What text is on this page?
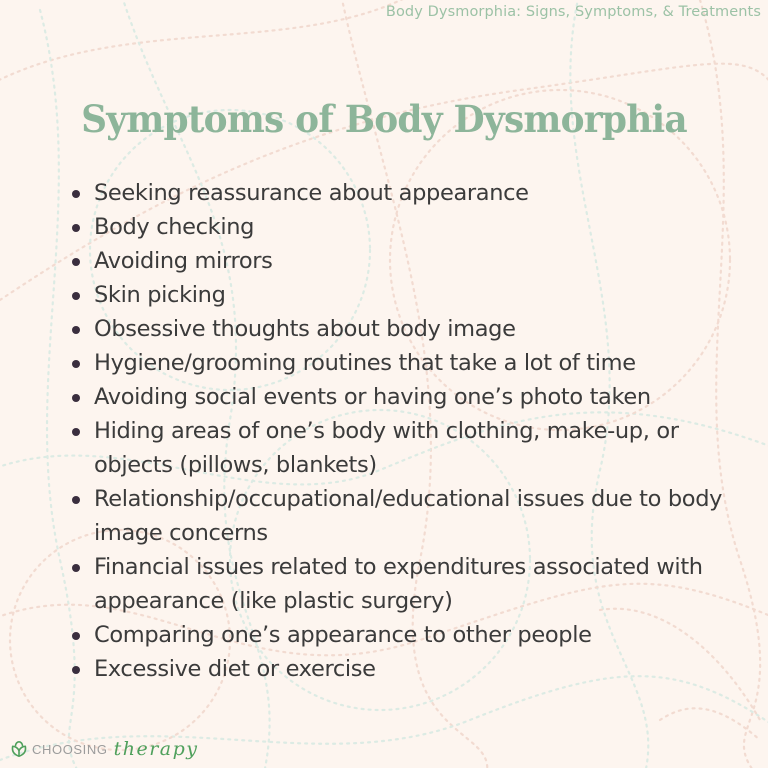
Body Dysmorphia: Signs, Symptoms, & Treatments
Symptoms of Body Dysmorphia
Seeking reassurance about appearance
Body checking
Avoiding mirrors
Skin picking
Obsessive thoughts about body image
Hygiene/grooming routines that take a lot of time
Avoiding social events or having one’s photo taken
Hiding areas of one’s body with clothing, make-up, or objects (pillows, blankets)
Relationship/occupational/educational issues due to body image concerns
Financial issues related to expenditures associated with appearance (like plastic surgery)
Comparing one’s appearance to other people
Excessive diet or exercise
CHOOSING therapy
